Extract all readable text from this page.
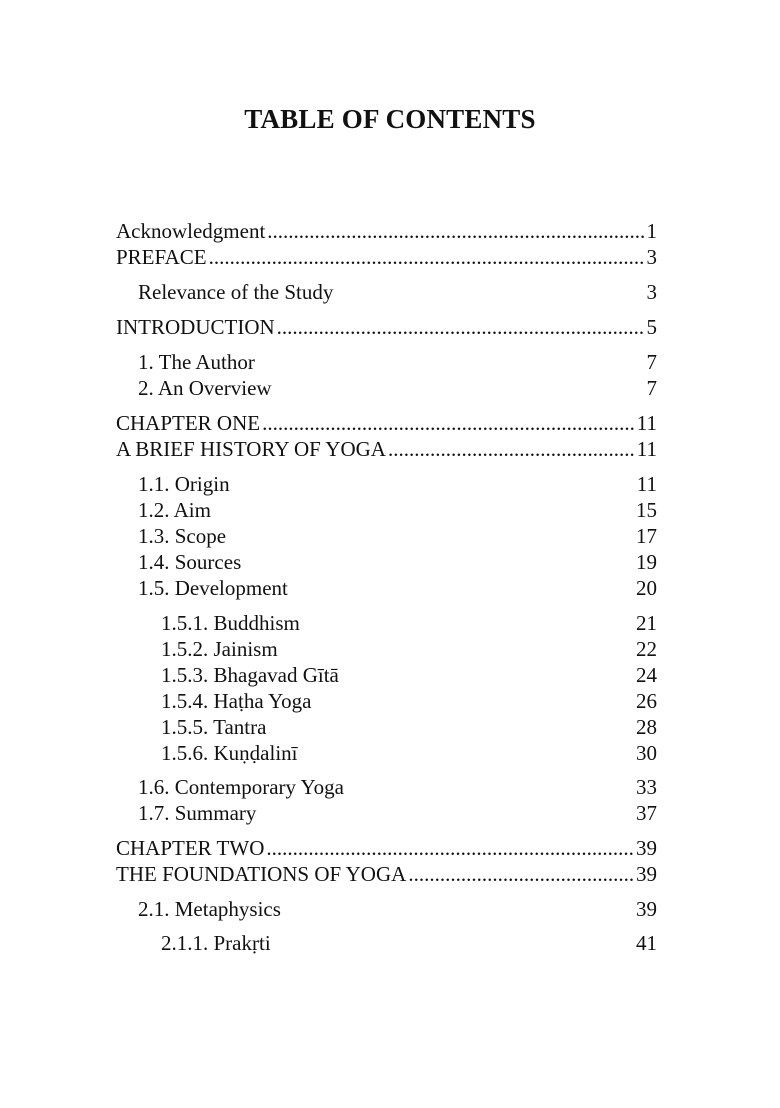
TABLE OF CONTENTS
Acknowledgment .....	1
PREFACE .....	3
Relevance of the Study	3
INTRODUCTION .....	5
1. The Author	7
2. An Overview	7
CHAPTER ONE .....	11
A BRIEF HISTORY OF YOGA .....	11
1.1. Origin	11
1.2. Aim	15
1.3. Scope	17
1.4. Sources	19
1.5. Development	20
1.5.1. Buddhism	21
1.5.2. Jainism	22
1.5.3. Bhagavad Gītā	24
1.5.4. Haṭha Yoga	26
1.5.5. Tantra	28
1.5.6. Kuṇḍalinī	30
1.6. Contemporary Yoga	33
1.7. Summary	37
CHAPTER TWO .....	39
THE FOUNDATIONS OF YOGA .....	39
2.1. Metaphysics	39
2.1.1. Prakṛti	41
